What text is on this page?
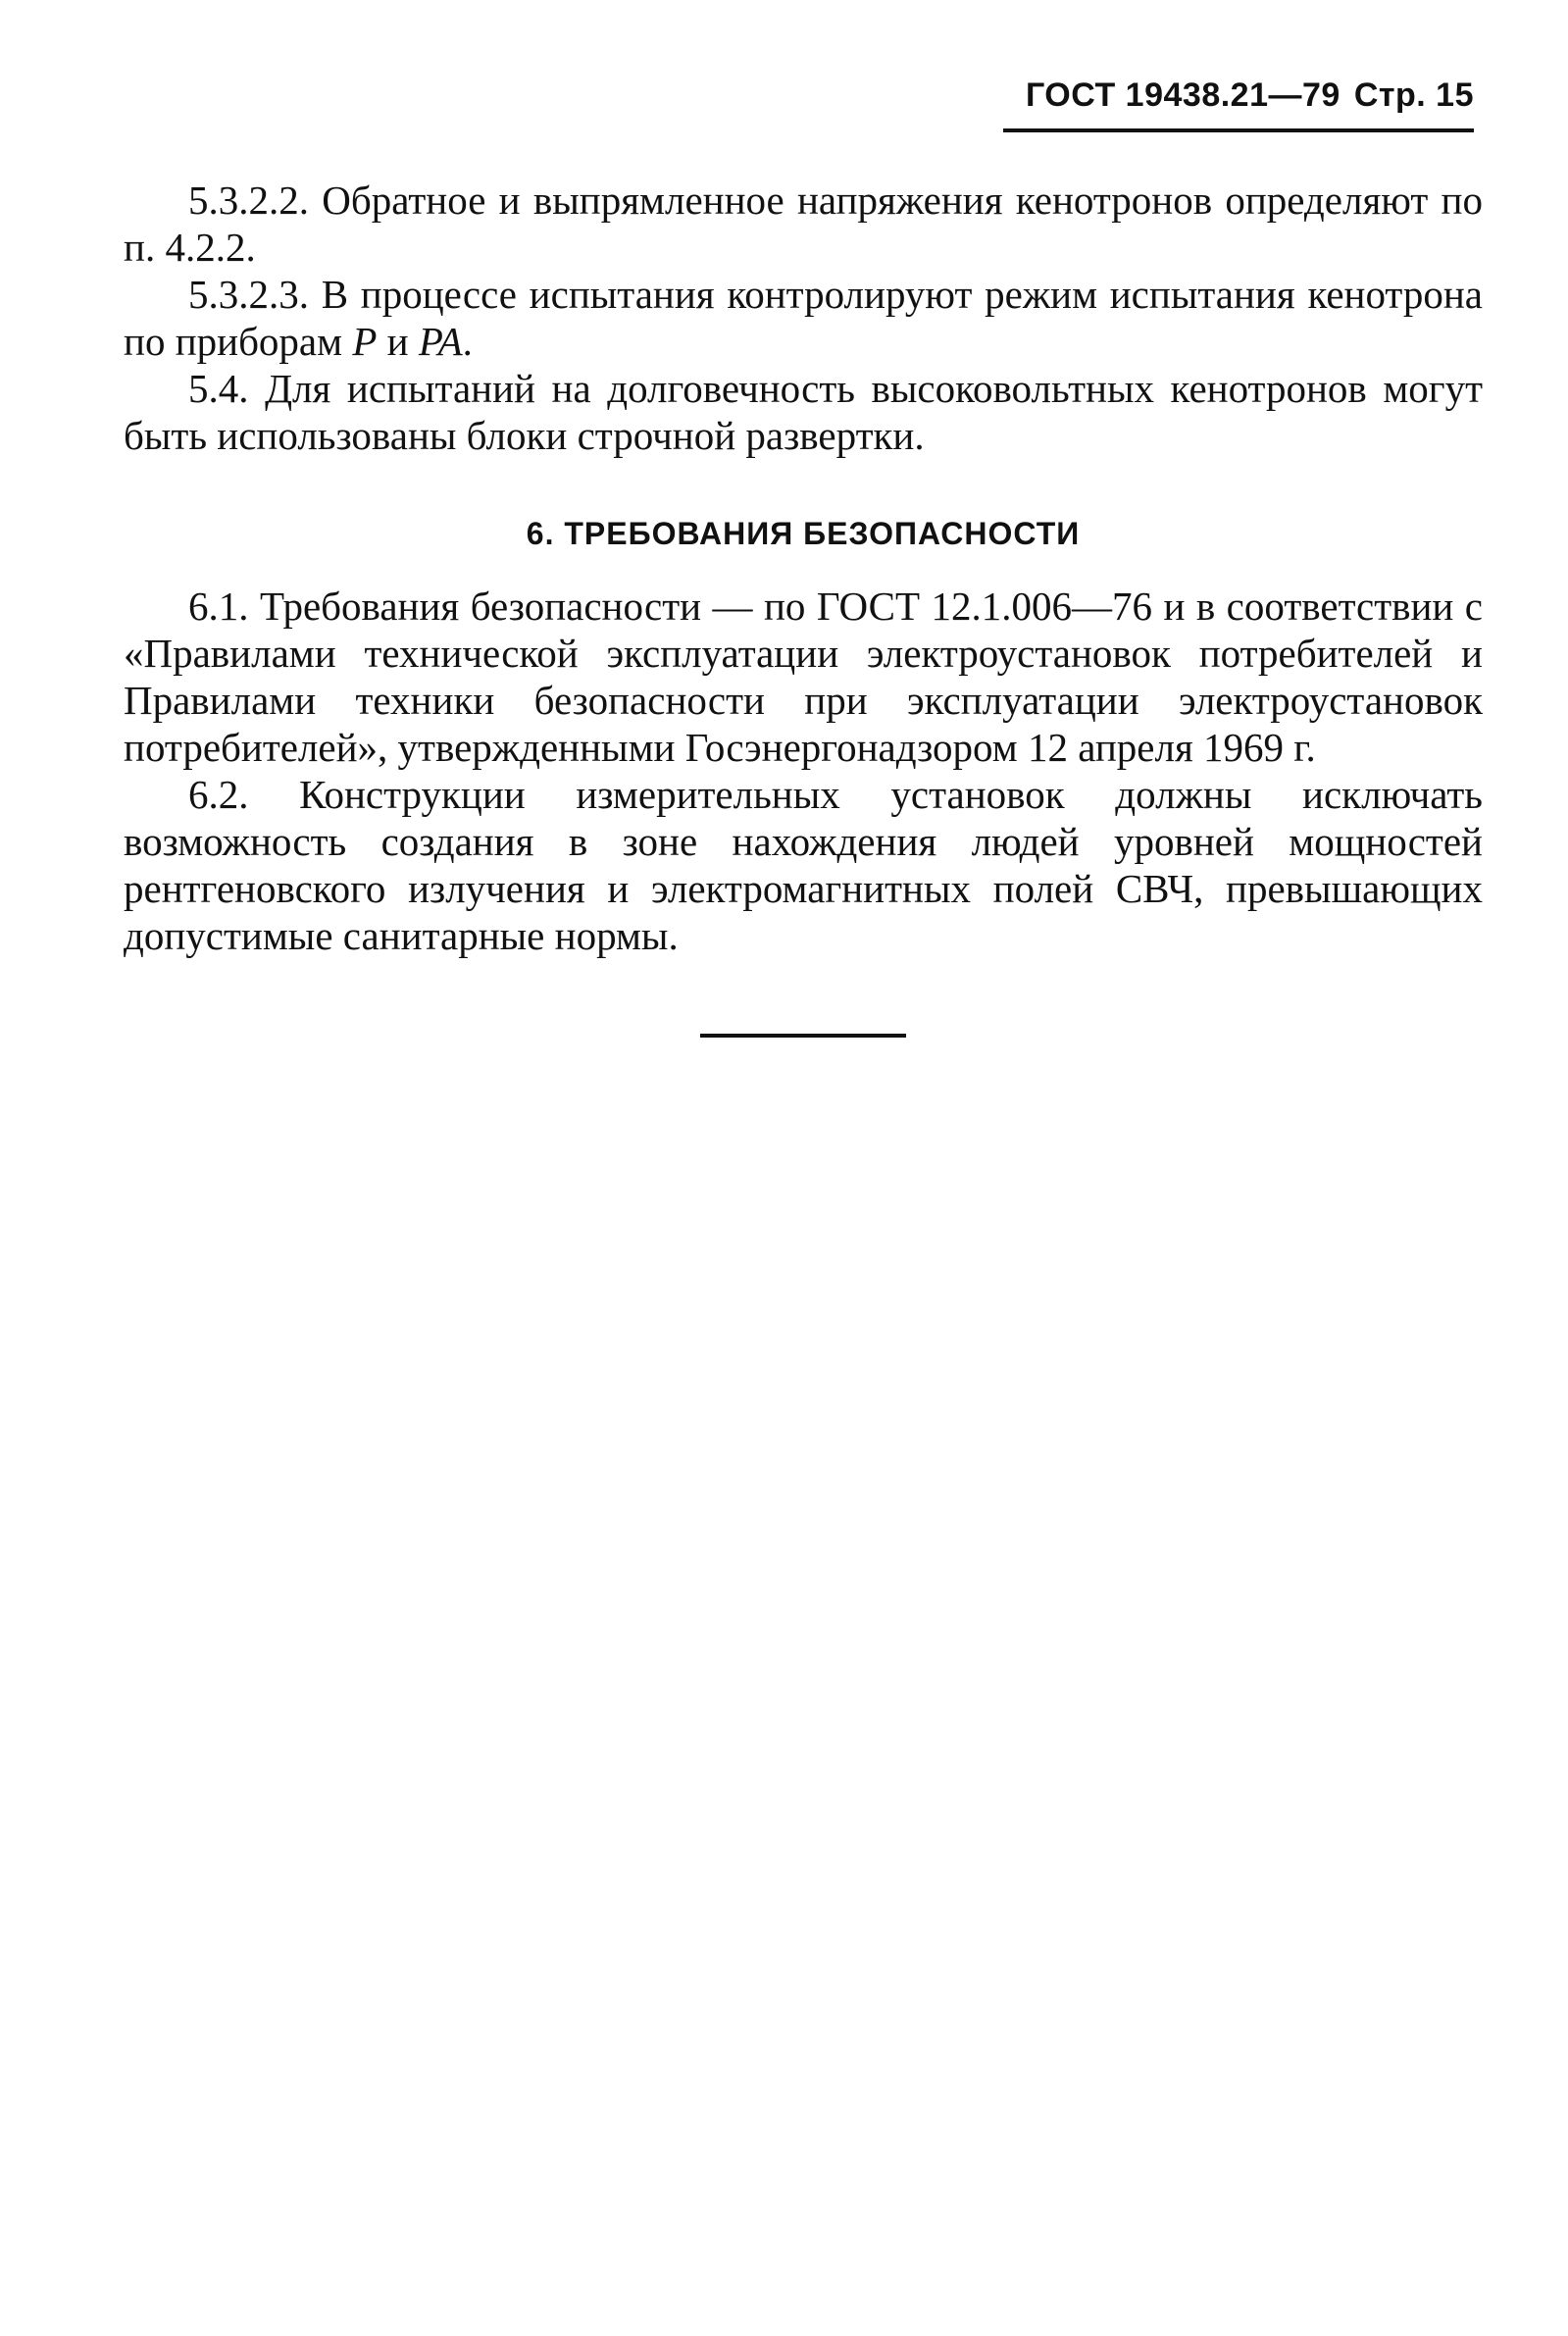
ГОСТ 19438.21—79 Стр. 15

5.3.2.2. Обратное и выпрямленное напряжения кенотронов определяют по п. 4.2.2.

5.3.2.3. В процессе испытания контролируют режим испытания кенотрона по приборам P и PA.

5.4. Для испытаний на долговечность высоковольтных кенотронов могут быть использованы блоки строчной развертки.

6. ТРЕБОВАНИЯ БЕЗОПАСНОСТИ

6.1. Требования безопасности — по ГОСТ 12.1.006—76 и в соответствии с «Правилами технической эксплуатации электроустановок потребителей и Правилами техники безопасности при эксплуатации электроустановок потребителей», утвержденными Госэнергонадзором 12 апреля 1969 г.

6.2. Конструкции измерительных установок должны исключать возможность создания в зоне нахождения людей уровней мощностей рентгеновского излучения и электромагнитных полей СВЧ, превышающих допустимые санитарные нормы.
